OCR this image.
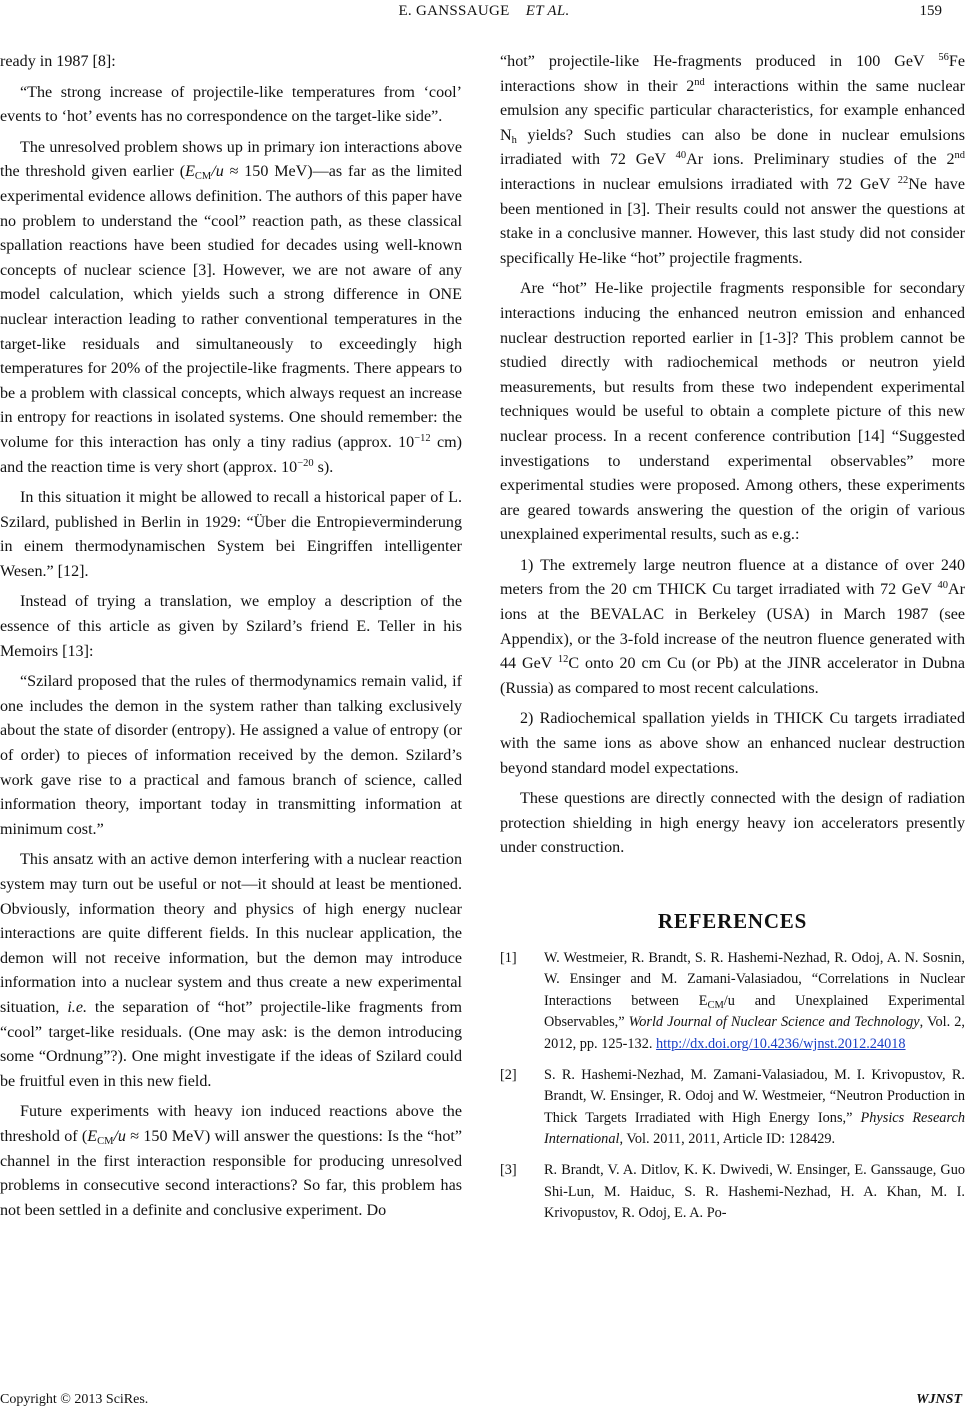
E. GANSSAUGE ET AL.	159

ready in 1987 [8]:

“The strong increase of projectile-like temperatures from ‘cool’ events to ‘hot’ events has no correspondence on the target-like side”.

The unresolved problem shows up in primary ion interactions above the threshold given earlier ($E_{CM}/u \approx 150$ MeV)—as far as the limited experimental evidence allows definition. The authors of this paper have no problem to understand the “cool” reaction path, as these classical spallation reactions have been studied for decades using well-known concepts of nuclear science [3]. However, we are not aware of any model calculation, which yields such a strong difference in ONE nuclear interaction leading to rather conventional temperatures in the target-like residuals and simultaneously to exceedingly high temperatures for 20% of the projectile-like fragments. There appears to be a problem with classical concepts, which always request an increase in entropy for reactions in isolated systems. One should remember: the volume for this interaction has only a tiny radius (approx. $10^{-12}$ cm) and the reaction time is very short (approx. $10^{-20}$ s).

In this situation it might be allowed to recall a historical paper of L. Szilard, published in Berlin in 1929: “Über die Entropieverminderung in einem thermodynamischen System bei Eingriffen intelligenter Wesen.” [12].

Instead of trying a translation, we employ a description of the essence of this article as given by Szilard’s friend E. Teller in his Memoirs [13]:

“Szilard proposed that the rules of thermodynamics remain valid, if one includes the demon in the system rather than talking exclusively about the state of disorder (entropy). He assigned a value of entropy (or of order) to pieces of information received by the demon. Szilard’s work gave rise to a practical and famous branch of science, called information theory, important today in transmitting information at minimum cost.”

This ansatz with an active demon interfering with a nuclear reaction system may turn out be useful or not—it should at least be mentioned. Obviously, information theory and physics of high energy nuclear interactions are quite different fields. In this nuclear application, the demon will not receive information, but the demon may introduce information into a nuclear system and thus create a new experimental situation, i.e. the separation of “hot” projectile-like fragments from “cool” target-like residuals. (One may ask: is the demon introducing some “Ordnung”?). One might investigate if the ideas of Szilard could be fruitful even in this new field.

Future experiments with heavy ion induced reactions above the threshold of ($E_{CM}/u \approx 150$ MeV) will answer the questions: Is the “hot” channel in the first interaction responsible for producing unresolved problems in consecutive second interactions? So far, this problem has not been settled in a definite and conclusive experiment. Do

“hot” projectile-like He-fragments produced in 100 GeV $^{56}$Fe interactions show in their 2nd interactions within the same nuclear emulsion any specific particular characteristics, for example enhanced $N_h$ yields? Such studies can also be done in nuclear emulsions irradiated with 72 GeV $^{40}$Ar ions. Preliminary studies of the 2nd interactions in nuclear emulsions irradiated with 72 GeV $^{22}$Ne have been mentioned in [3]. Their results could not answer the questions at stake in a conclusive manner. However, this last study did not consider specifically He-like “hot” projectile fragments.

Are “hot” He-like projectile fragments responsible for secondary interactions inducing the enhanced neutron emission and enhanced nuclear destruction reported earlier in [1-3]? This problem cannot be studied directly with radiochemical methods or neutron yield measurements, but results from these two independent experimental techniques would be useful to obtain a complete picture of this new nuclear process. In a recent conference contribution [14] “Suggested investigations to understand experimental observables” more experimental studies were proposed. Among others, these experiments are geared towards answering the question of the origin of various unexplained experimental results, such as e.g.:

1) The extremely large neutron fluence at a distance of over 240 meters from the 20 cm THICK Cu target irradiated with 72 GeV $^{40}$Ar ions at the BEVALAC in Berkeley (USA) in March 1987 (see Appendix), or the 3-fold increase of the neutron fluence generated with 44 GeV $^{12}$C onto 20 cm Cu (or Pb) at the JINR accelerator in Dubna (Russia) as compared to most recent calculations.

2) Radiochemical spallation yields in THICK Cu targets irradiated with the same ions as above show an enhanced nuclear destruction beyond standard model expectations.

These questions are directly connected with the design of radiation protection shielding in high energy heavy ion accelerators presently under construction.

REFERENCES
[1]	W. Westmeier, R. Brandt, S. R. Hashemi-Nezhad, R. Odoj, A. N. Sosnin, W. Ensinger and M. Zamani-Valasiadou, “Correlations in Nuclear Interactions between $E_{CM}/u$ and Unexplained Experimental Observables,” World Journal of Nuclear Science and Technology, Vol. 2, 2012, pp. 125-132. http://dx.doi.org/10.4236/wjnst.2012.24018
[2]	S. R. Hashemi-Nezhad, M. Zamani-Valasiadou, M. I. Krivopustov, R. Brandt, W. Ensinger, R. Odoj and W. Westmeier, “Neutron Production in Thick Targets Irradiated with High Energy Ions,” Physics Research International, Vol. 2011, 2011, Article ID: 128429.
[3]	R. Brandt, V. A. Ditlov, K. K. Dwivedi, W. Ensinger, E. Ganssauge, Guo Shi-Lun, M. Haiduc, S. R. Hashemi-Nezhad, H. A. Khan, M. I. Krivopustov, R. Odoj, E. A. Po-
Copyright © 2013 SciRes.	WJNST
